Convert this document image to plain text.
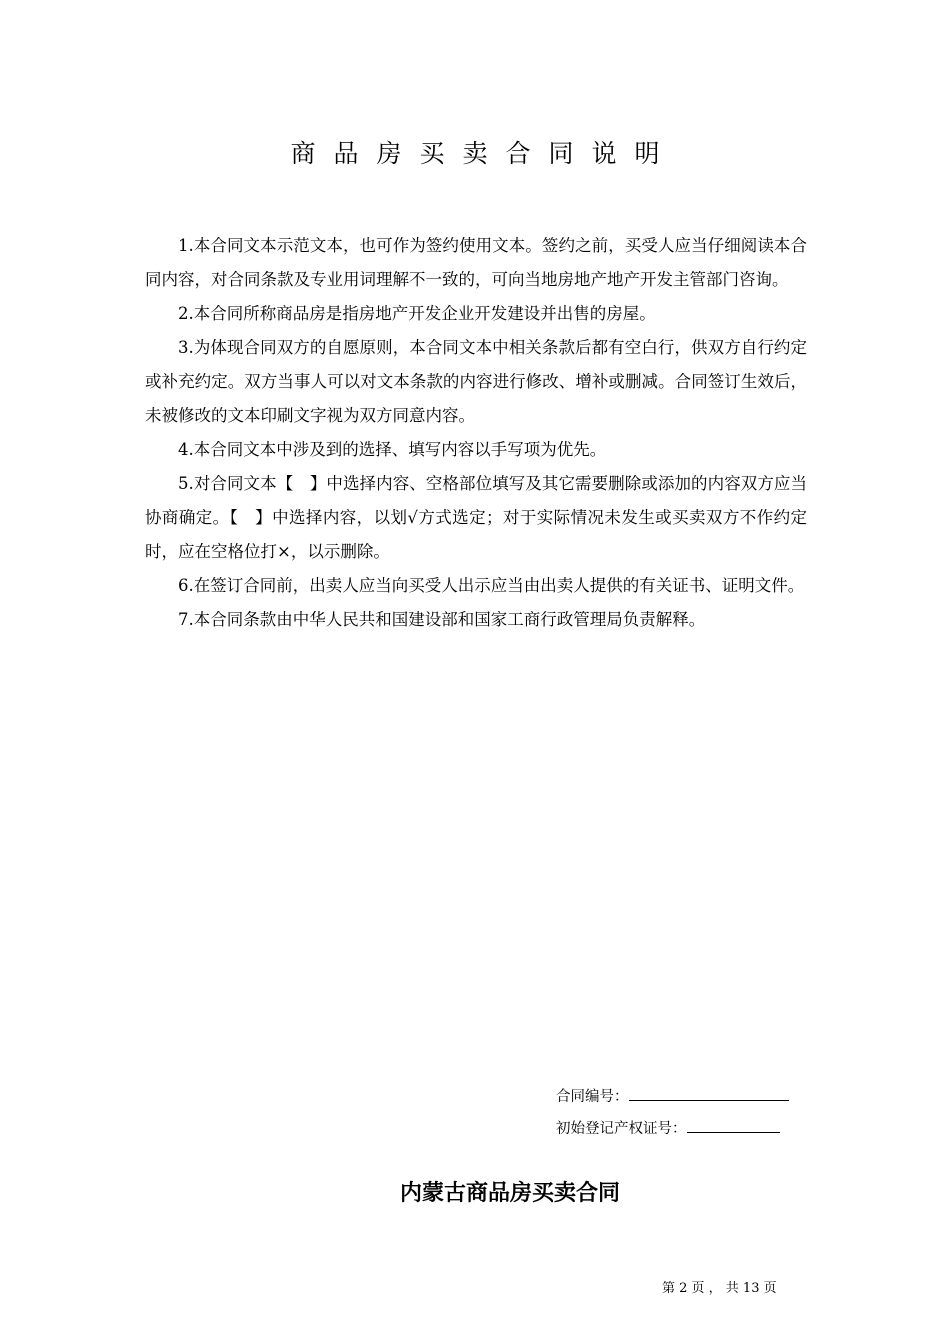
商品房买卖合同说明

1.本合同文本示范文本，也可作为签约使用文本。签约之前，买受人应当仔细阅读本合同内容，对合同条款及专业用词理解不一致的，可向当地房地产地产开发主管部门咨询。

2.本合同所称商品房是指房地产开发企业开发建设并出售的房屋。

3.为体现合同双方的自愿原则，本合同文本中相关条款后都有空白行，供双方自行约定或补充约定。双方当事人可以对文本条款的内容进行修改、增补或删减。合同签订生效后，未被修改的文本印刷文字视为双方同意内容。

4.本合同文本中涉及到的选择、填写内容以手写项为优先。

5.对合同文本【　】中选择内容、空格部位填写及其它需要删除或添加的内容双方应当协商确定。【　】中选择内容，以划√方式选定；对于实际情况未发生或买卖双方不作约定时，应在空格位打×，以示删除。

6.在签订合同前，出卖人应当向买受人出示应当由出卖人提供的有关证书、证明文件。

7.本合同条款由中华人民共和国建设部和国家工商行政管理局负责解释。

合同编号：
初始登记产权证号：
内蒙古商品房买卖合同
第 2 页 ， 共 13 页
